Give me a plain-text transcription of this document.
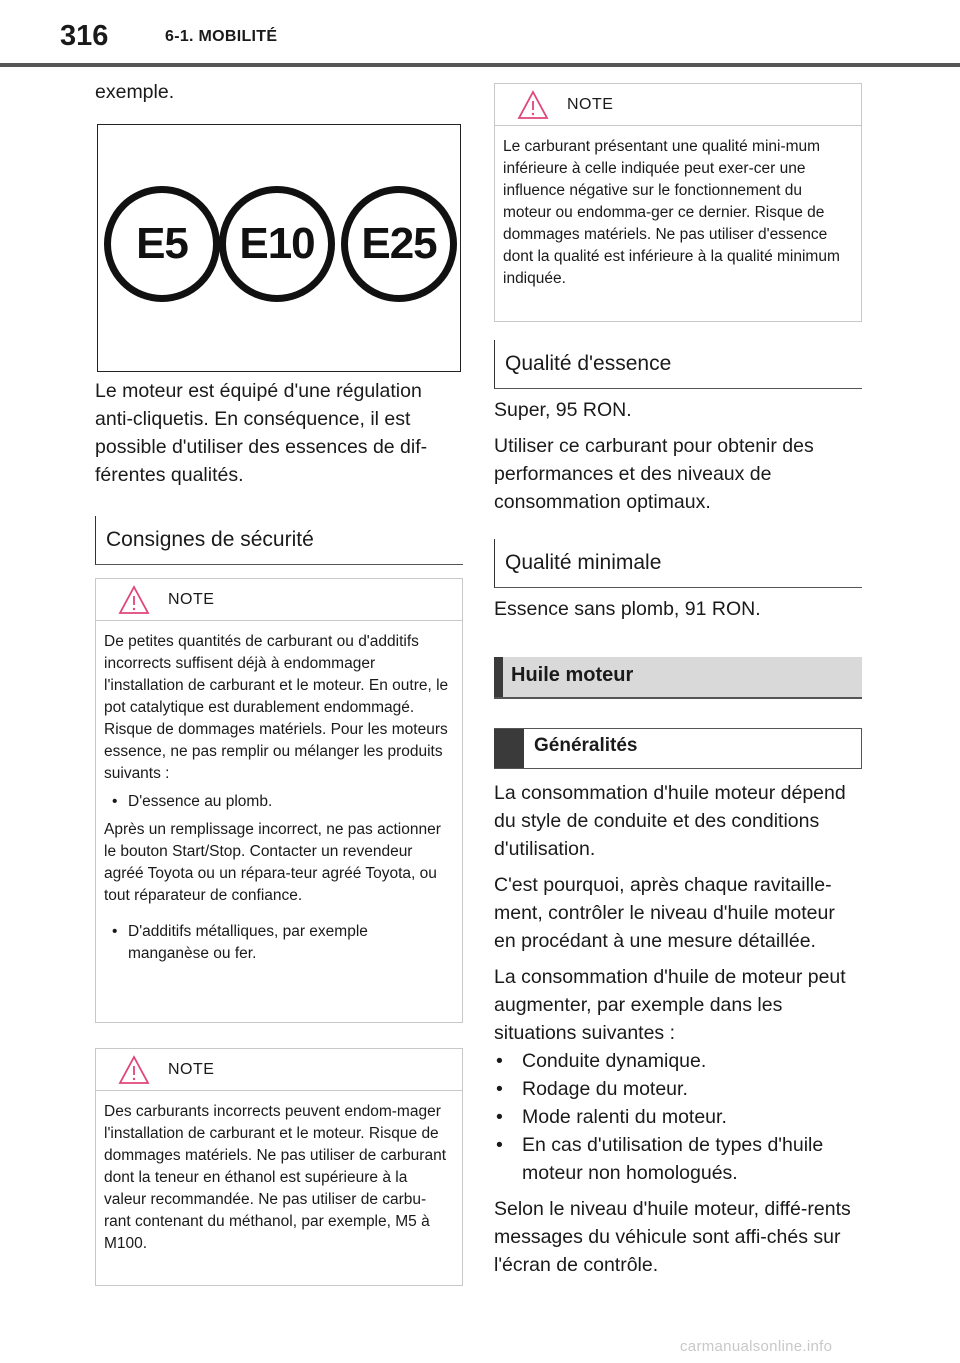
316	6-1. MOBILITÉ
exemple.
E5	E10	E25
Le moteur est équipé d'une régulation anti-cliquetis. En conséquence, il est possible d'utiliser des essences de dif-férentes qualités.
Consignes de sécurité
NOTE

De petites quantités de carburant ou d'additifs incorrects suffisent déjà à endommager l'installation de carburant et le moteur. En outre, le pot catalytique est durablement endommagé. Risque de dommages matériels. Pour les moteurs essence, ne pas remplir ou mélanger les produits suivants :

• D'essence au plomb.

Après un remplissage incorrect, ne pas actionner le bouton Start/Stop. Contacter un revendeur agréé Toyota ou un répara-teur agréé Toyota, ou tout réparateur de confiance.

• D'additifs métalliques, par exemple manganèse ou fer.

NOTE

Des carburants incorrects peuvent endom-mager l'installation de carburant et le moteur. Risque de dommages matériels. Ne pas utiliser de carburant dont la teneur en éthanol est supérieure à la valeur recommandée. Ne pas utiliser de carbu-rant contenant du méthanol, par exemple, M5 à M100.

NOTE

Le carburant présentant une qualité mini-mum inférieure à celle indiquée peut exer-cer une influence négative sur le fonctionnement du moteur ou endomma-ger ce dernier. Risque de dommages matériels. Ne pas utiliser d'essence dont la qualité est inférieure à la qualité minimum indiquée.

Qualité d'essence

Super, 95 RON.

Utiliser ce carburant pour obtenir des performances et des niveaux de consommation optimaux.

Qualité minimale
Essence sans plomb, 91 RON.
Huile moteur
Généralités

La consommation d'huile moteur dépend du style de conduite et des conditions d'utilisation.

C'est pourquoi, après chaque ravitaille-ment, contrôler le niveau d'huile moteur en procédant à une mesure détaillée.

La consommation d'huile de moteur peut augmenter, par exemple dans les situations suivantes :

• Conduite dynamique.
• Rodage du moteur.
• Mode ralenti du moteur.
• En cas d'utilisation de types d'huile moteur non homologués.

Selon le niveau d'huile moteur, diffé-rents messages du véhicule sont affi-chés sur l'écran de contrôle.

carmanualsonline.info
